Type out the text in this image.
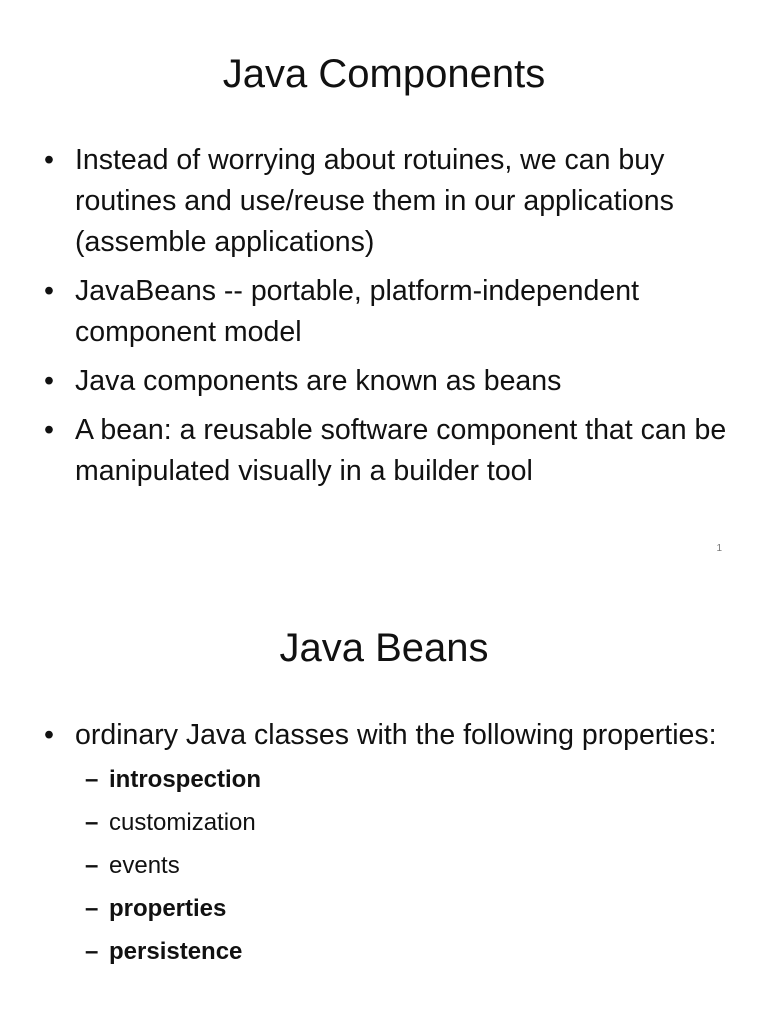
Java Components
• Instead of worrying about rotuines, we can buy routines and use/reuse them in our applications (assemble applications)
• JavaBeans -- portable, platform-independent component model
• Java components are known as beans
• A bean: a reusable software component that can be manipulated visually in a builder tool
1
Java Beans
• ordinary Java classes with the following properties:
– introspection
– customization
– events
– properties
– persistence
